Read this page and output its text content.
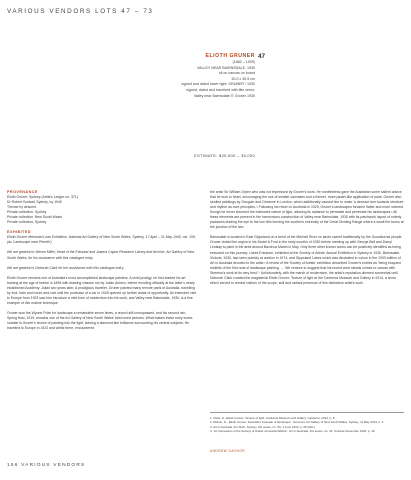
VARIOUS VENDORS LOTS 47 – 73
47
ELIOTH GRUNER
(1882 – 1939)
VALLEY NEAR BAIRNSDALE, 1930
oil on canvas on board
30.0 x 40.5 cm
signed and dated lower right: GRUNER / 1930
signed, dated and inscribed with title verso:
Valley near Bairnsdale/ E Gruner 1930
ESTIMATE: $25,000 – 35,000
PROVENANCE
Elioth Gruner, Sydney (Artist's Ledger no. 371)
Dr Robert Godsall, Sydney, by 1940
Thence by descent
Private collection, Sydney
Private collection, New South Wales
Private collection, Sydney
EXHIBITED
Elioth Gruner Memorial Loan Exhibition, National Art Gallery of New South Wales, Sydney, 17 April – 31 May 1940, cat. 159, (as 'Landscape near Penrith')

We are grateful to Steven Miller, Head of the Edmund and Joanna Capon Research Library and Archive, Art Gallery of New South Wales, for his assistance with this catalogue entry.

We are grateful to Deborah Clark for her assistance with this catalogue entry.

Elioth Gruner remains one of Australia's most accomplished landscape painters. A child prodigy, he first started his art training at the age of twelve in 1894 with drawing classes run by Julian Ashton, before enrolling officially at the latter's newly established Academy. Julian two years later. A prodigious traveller, Gruner painted many remote parts of Australia, travelling by foot, train and horse-and-cart until the purchase of a car in 1928 opened up further vistas of opportunity. An extended visit to Europe from 1923 saw him introduce a mild form of modernism into his work, and Valley near Bairnsdale, 1930, is a fine example of this mature technique.

Gruner won the Wynne Prize for landscape a remarkable seven times, a record still unsurpassed, and his second win, Spring frost, 1919, remains one of the Art Gallery of New South Wales' best loved pictures. What makes these early works notable is Gruner's choice of painting into the light, leaving a diamond-like brilliance surrounding his central subjects. He travelled to Europe in 1923 and whilst there, encountered

the artist Sir William Orpen who was not impressed by Gruner's work. He nonetheless gave the Australian some salient advice that he took to heart, encouraging the use of smaller canvases and a thinner, more pastel-like application of paint. Gruner also studied paintings by Gauguin and Cézanne in London, which additionally caused him to make 'a decisive turn towards structure and rhythm as core principles.'¹ Following his return to Australia in 1925, Gruner's landscapes became flatter and more ordered, though he never shunned the iridescent nature of light, allowing its radiance to permeate and penetrate his landscapes.² All these elements are present in the harmonious construction of Valley near Bairnsdale, 1930 with its patchwork layout of orderly paddocks leading the eye to the low hills forming the southern extremity of the Great Dividing Range where a small fire burns at the junction of the two.

Bairnsdale is located in East Gippsland on a bend of the Mitchell River on lands owned traditionally by the Gunaikurnai people. Gruner visited the region in his Model A Ford in the early months of 1930 before meeting up with George Bell and Darryl Lindsay to paint in the area around Bacchus Marsh in May. Only three other known works can be positively identified as being executed on this journey: Lakes Entrance, exhibited at the Society of Artists' Annual Exhibition in Sydney in 1930, Bairnsdale, Victoria, 1930, last seen publicly at auction in 1974, and Gippsland Lakes which was illustrated in colour in the 1933 edition of Art in Australia devoted to the artist.³ A review of the Society of Artists' exhibition described Gruner's entries as 'being eloquent exhibits of the first rank of landscape painting. … We venture to suggest that his recent work stands comes to canvas with Streeton's work at its very best.'⁴ Unfortunately, with the march of modernism, the artist's reputation dimmed somewhat until Deborah Clark curated the magisterial Elioth Gruner: Texture of light at the Canberra Museum and Gallery in 2014, a show which served to remind visitors of the scope, skill and radiant presence of this distinctive artist's work.

1. Clark, D., Elioth Gruner: Texture of light, Canberra Museum and Gallery, Canberra, 2014, p. 8
2. Wilson, N., 'Elioth Gruner: Australia's 'laureate of landscape'', Decorart, Art Gallery of New South Wales, Sydney, 11 May 2014, p. 4
3. Art in Australia, the Sixth, Sydney, 3rd series, no. 50, 1 June 1933, p. 25 (illus.)
4. 'An impression of the Society of Artists' Annual Exhibition', Art in Australia, 3rd series, no. 34, October-November 1930, p. 16
ANDREW GAYNOR
156 VARIOUS VENDORS
